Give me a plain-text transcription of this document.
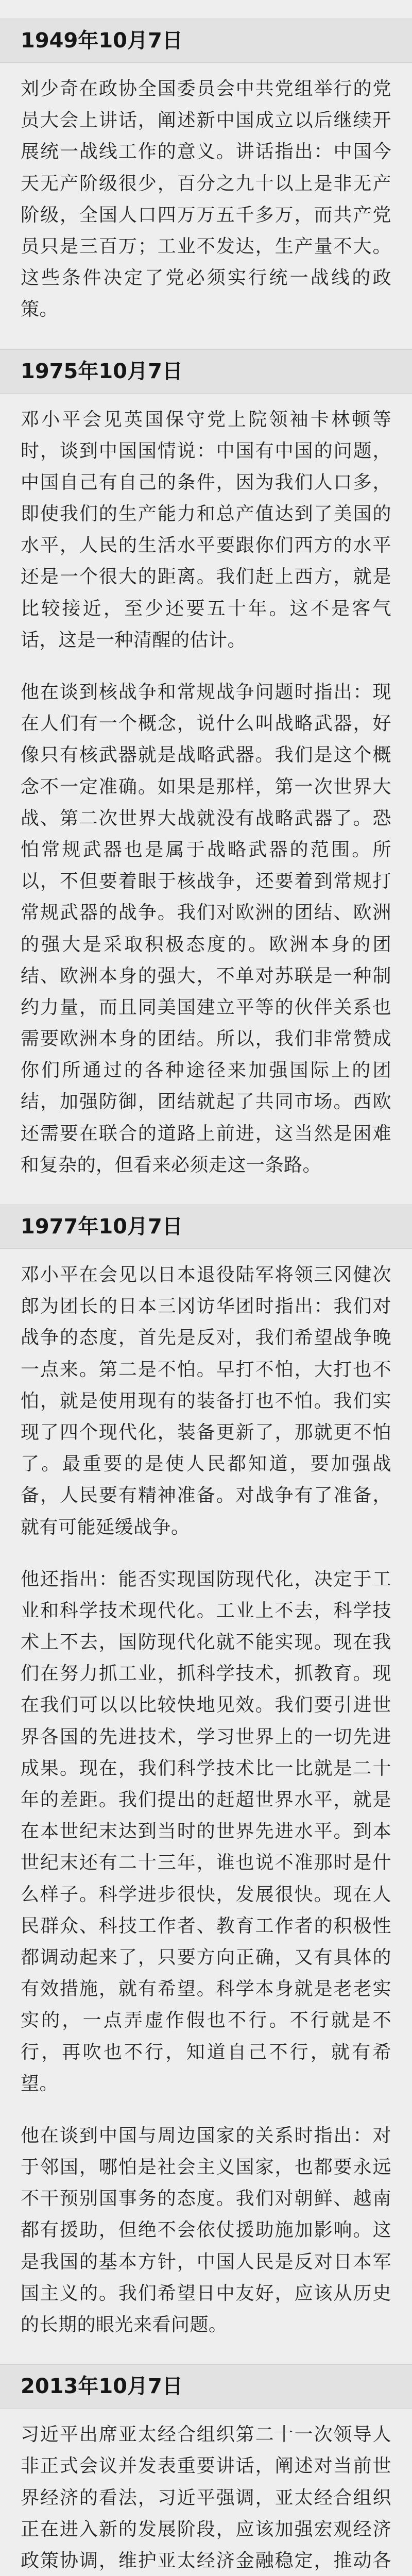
1949年10月7日

刘少奇在政协全国委员会中共党组举行的党员大会上讲话，阐述新中国成立以后继续开展统一战线工作的意义。讲话指出：中国今天无产阶级很少，百分之九十以上是非无产阶级，全国人口四万万五千多万，而共产党员只是三百万；工业不发达，生产量不大。这些条件决定了党必须实行统一战线的政策。

1975年10月7日

邓小平会见英国保守党上院领袖卡林顿等时，谈到中国国情说：中国有中国的问题，中国自己有自己的条件，因为我们人口多，即使我们的生产能力和总产值达到了美国的水平，人民的生活水平要跟你们西方的水平还是一个很大的距离。我们赶上西方，就是比较接近，至少还要五十年。这不是客气话，这是一种清醒的估计。

他在谈到核战争和常规战争问题时指出：现在人们有一个概念，说什么叫战略武器，好像只有核武器就是战略武器。我们是这个概念不一定准确。如果是那样，第一次世界大战、第二次世界大战就没有战略武器了。恐怕常规武器也是属于战略武器的范围。所以，不但要着眼于核战争，还要着到常规打常规武器的战争。我们对欧洲的团结、欧洲的强大是采取积极态度的。欧洲本身的团结、欧洲本身的强大，不单对苏联是一种制约力量，而且同美国建立平等的伙伴关系也需要欧洲本身的团结。所以，我们非常赞成你们所通过的各种途径来加强国际上的团结，加强防御，团结就起了共同市场。西欧还需要在联合的道路上前进，这当然是困难和复杂的，但看来必须走这一条路。

1977年10月7日

邓小平在会见以日本退役陆军将领三冈健次郎为团长的日本三冈访华团时指出：我们对战争的态度，首先是反对，我们希望战争晚一点来。第二是不怕。早打不怕，大打也不怕，就是使用现有的装备打也不怕。我们实现了四个现代化，装备更新了，那就更不怕了。最重要的是使人民都知道，要加强战备，人民要有精神准备。对战争有了准备，就有可能延缓战争。

他还指出：能否实现国防现代化，决定于工业和科学技术现代化。工业上不去，科学技术上不去，国防现代化就不能实现。现在我们在努力抓工业，抓科学技术，抓教育。现在我们可以以比较快地见效。我们要引进世界各国的先进技术，学习世界上的一切先进成果。现在，我们科学技术比一比就是二十年的差距。我们提出的赶超世界水平，就是在本世纪末达到当时的世界先进水平。到本世纪末还有二十三年，谁也说不准那时是什么样子。科学进步很快，发展很快。现在人民群众、科技工作者、教育工作者的积极性都调动起来了，只要方向正确，又有具体的有效措施，就有希望。科学本身就是老老实实的，一点弄虚作假也不行。不行就是不行，再吹也不行，知道自己不行，就有希望。

他在谈到中国与周边国家的关系时指出：对于邻国，哪怕是社会主义国家，也都要永远不干预别国事务的态度。我们对朝鲜、越南都有援助，但绝不会依仗援助施加影响。这是我国的基本方针，中国人民是反对日本军国主义的。我们希望日中友好，应该从历史的长期的眼光来看问题。

2013年10月7日

习近平出席亚太经合组织第二十一次领导人非正式会议并发表重要讲话，阐述对当前世界经济的看法，习近平强调，亚太经合组织正在进入新的发展阶段，应该加强宏观经济政策协调，维护亚太经济金融稳定，推动各
